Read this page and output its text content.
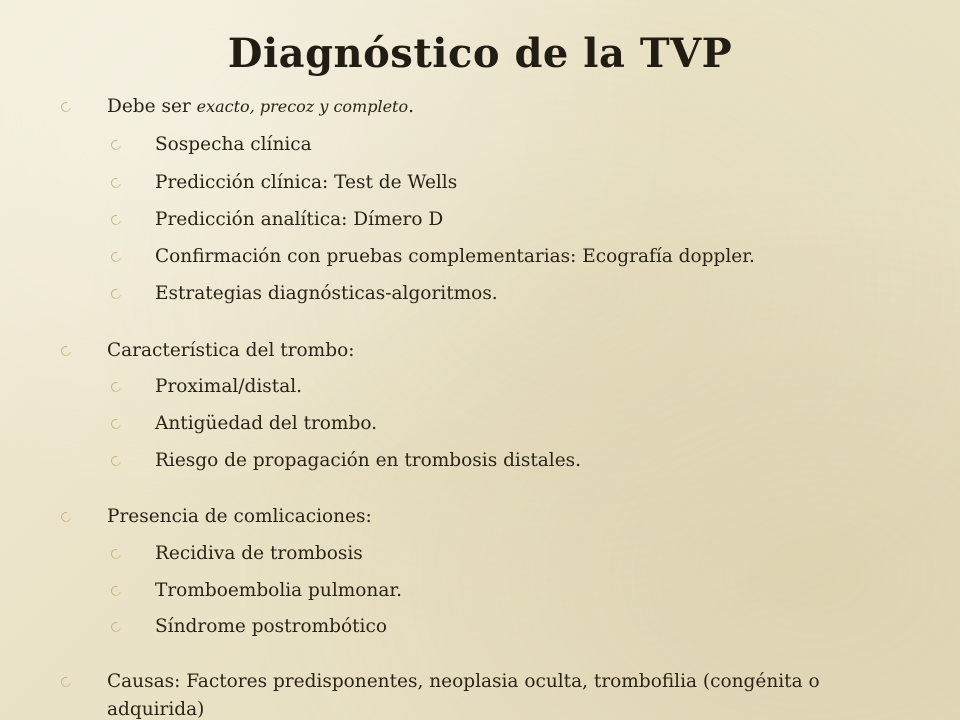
Diagnóstico de la TVP
Debe ser exacto, precoz y completo.
Sospecha clínica
Predicción clínica: Test de Wells
Predicción analítica: Dímero D
Confirmación con pruebas complementarias: Ecografía doppler.
Estrategias diagnósticas-algoritmos.
Característica del trombo:
Proximal/distal.
Antigüedad del trombo.
Riesgo de propagación en trombosis distales.
Presencia de comlicaciones:
Recidiva de trombosis
Tromboembolia pulmonar.
Síndrome postrombótico
Causas: Factores predisponentes, neoplasia oculta, trombofilia (congénita o adquirida)
